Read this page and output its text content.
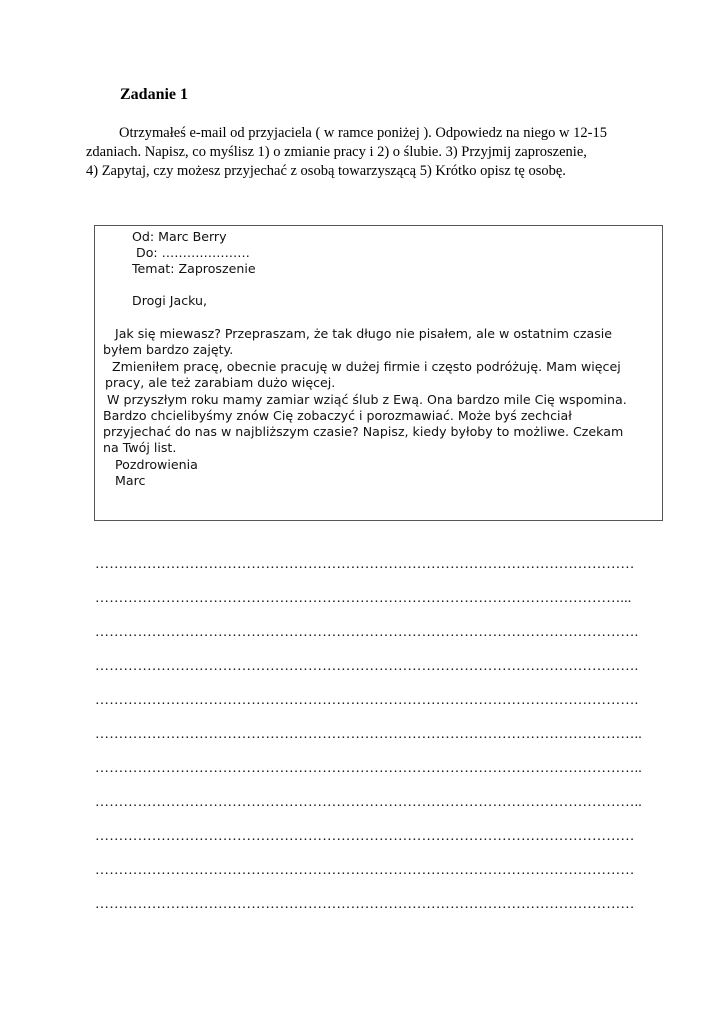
Zadanie 1
Otrzymałeś e-mail od przyjaciela ( w ramce poniżej ). Odpowiedz na niego w 12-15
zdaniach. Napisz, co myślisz 1) o zmianie pracy i 2) o ślubie. 3) Przyjmij zaproszenie,
4) Zapytaj, czy możesz przyjechać z osobą towarzyszącą 5) Krótko opisz tę osobę.
Od: Marc Berry
Do: …………………
Temat: Zaproszenie
Drogi Jacku,
Jak się miewasz? Przepraszam, że tak długo nie pisałem, ale w ostatnim czasie
byłem bardzo zajęty.
Zmieniłem pracę, obecnie pracuję w dużej firmie i często podróżuję. Mam więcej
pracy, ale też zarabiam dużo więcej.
W przyszłym roku mamy zamiar wziąć ślub z Ewą. Ona bardzo mile Cię wspomina.
Bardzo chcielibyśmy znów Cię zobaczyć i porozmawiać. Może byś zechciał
przyjechać do nas w najbliższym czasie? Napisz, kiedy byłoby to możliwe. Czekam
na Twój list.
Pozdrowienia
Marc
……………………………………………………………………………………………………
…………………………………………………………………………………………………...
…………………………………………………………………………………………………….
…………………………………………………………………………………………………….
…………………………………………………………………………………………………….
……………………………………………………………………………………………………..
……………………………………………………………………………………………………..
……………………………………………………………………………………………………..
……………………………………………………………………………………………………
……………………………………………………………………………………………………
……………………………………………………………………………………………………
